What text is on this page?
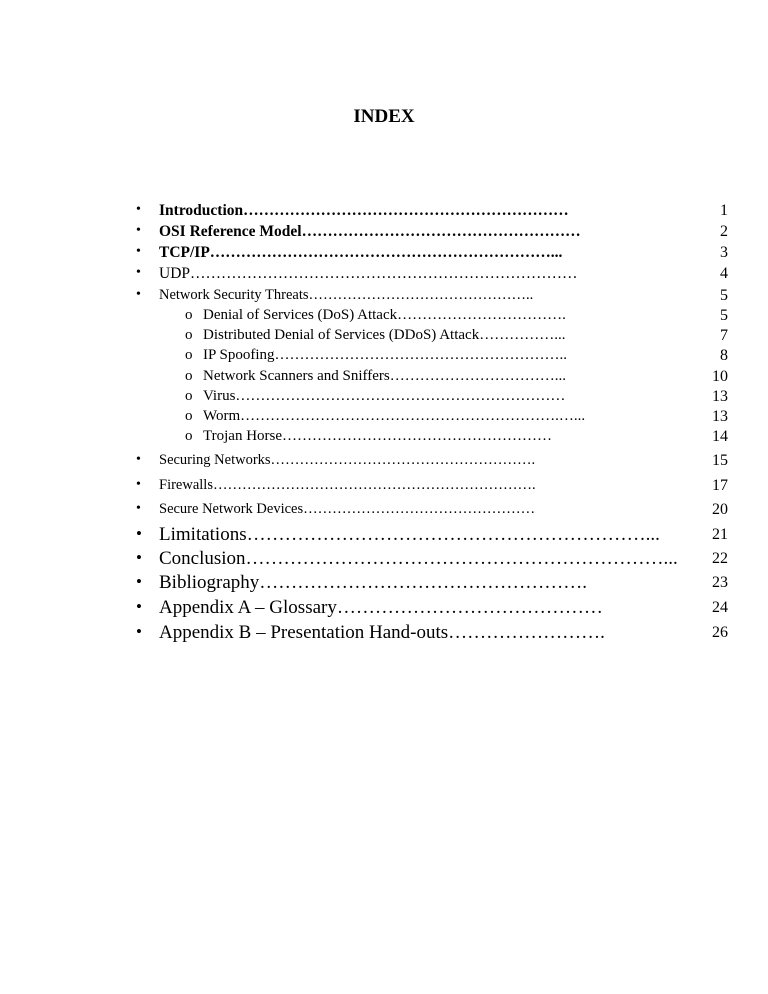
INDEX
• Introduction………………………………………………………	1
• OSI Reference Model………………………………………………	2
• TCP/IP…………………………………………………………...	3
• UDP…………………………………………………………………	4
• Network Security Threats………………………………………..	5
o Denial of Services (DoS) Attack…………………………….	5
o Distributed Denial of Services (DDoS) Attack……………...	7
o IP Spoofing…………………………………………………..	8
o Network Scanners and Sniffers……………………………...	10
o Virus…………………………………………………………	13
o Worm……………………………………………………….…...	13
o Trojan Horse………………………………………………	14
• Securing Networks……………………………………………….	15
• Firewalls………………………………………………………….	17
• Secure Network Devices…………………………………………	20
• Limitations………………………………………………………...	21
• Conclusion…………………………………………………………... 22
• Bibliography…………………………………………….	23
• Appendix A – Glossary……………………………………	24
• Appendix B – Presentation Hand-outs…………………….	26
